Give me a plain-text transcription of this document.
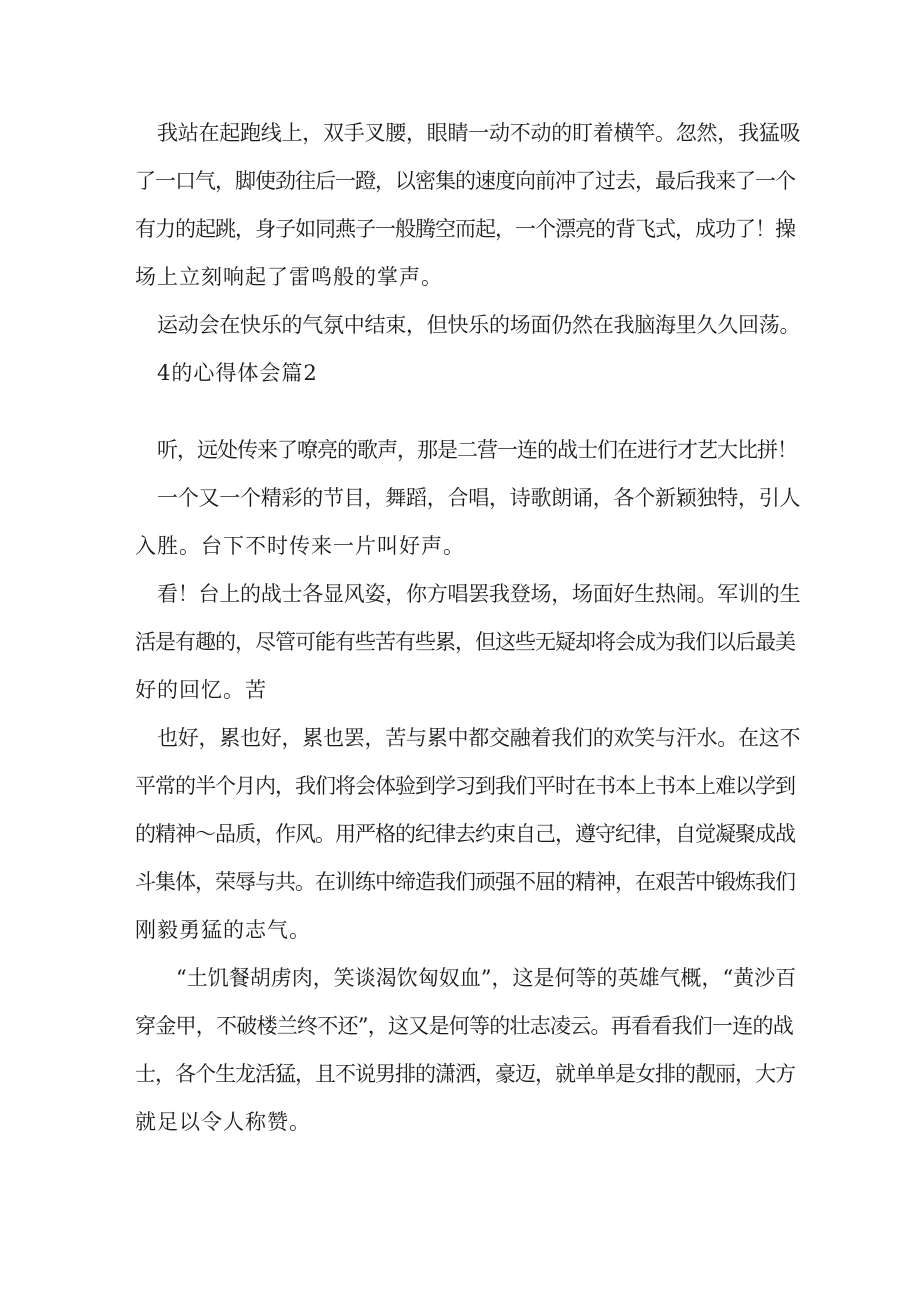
我站在起跑线上，双手叉腰，眼睛一动不动的盯着横竿。忽然，我猛吸
了一口气，脚使劲往后一蹬，以密集的速度向前冲了过去，最后我来了一个
有力的起跳，身子如同燕子一般腾空而起，一个漂亮的背飞式，成功了！操
场上立刻响起了雷鸣般的掌声。
运动会在快乐的气氛中结束，但快乐的场面仍然在我脑海里久久回荡。
4的心得体会篇2
听，远处传来了嘹亮的歌声，那是二营一连的战士们在进行才艺大比拼！
一个又一个精彩的节目，舞蹈，合唱，诗歌朗诵，各个新颖独特，引人
入胜。台下不时传来一片叫好声。
看！台上的战士各显风姿，你方唱罢我登场，场面好生热闹。军训的生
活是有趣的，尽管可能有些苦有些累，但这些无疑却将会成为我们以后最美
好的回忆。苦
也好，累也好，累也罢，苦与累中都交融着我们的欢笑与汗水。在这不
平常的半个月内，我们将会体验到学习到我们平时在书本上书本上难以学到
的精神～品质，作风。用严格的纪律去约束自己，遵守纪律，自觉凝聚成战
斗集体，荣辱与共。在训练中缔造我们顽强不屈的精神，在艰苦中锻炼我们
刚毅勇猛的志气。
“土饥餐胡虏肉，笑谈渴饮匈奴血”，这是何等的英雄气概，“黄沙百
穿金甲，不破楼兰终不还”，这又是何等的壮志凌云。再看看我们一连的战
士，各个生龙活猛，且不说男排的潇洒，豪迈，就单单是女排的靓丽，大方
就足以令人称赞。
